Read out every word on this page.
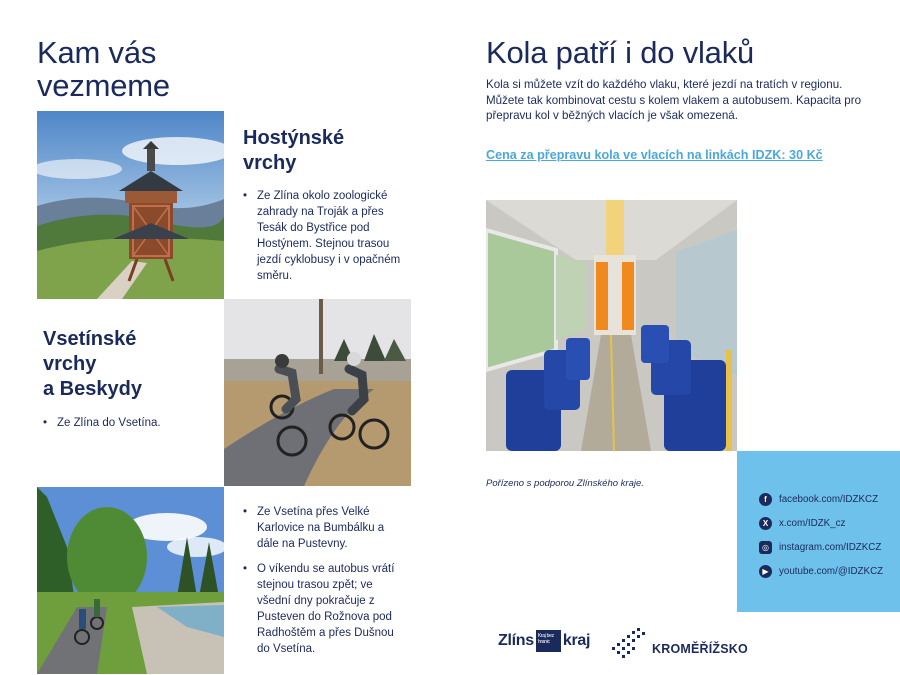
Kam vás vezmeme
Hostýnské
vrchy
• Ze Zlína okolo zoologické zahrady na Troják a přes Tesák do Bystřice pod Hostýnem. Stejnou trasou jezdí cyklobusy i v opačném směru.
Vsetínské
vrchy
a Beskydy
• Ze Zlína do Vsetína.
• Ze Vsetína přes Velké Karlovice na Bumbálku a dále na Pustevny.
• O víkendu se autobus vrátí stejnou trasou zpět; ve všední dny pokračuje z Pusteven do Rožnova pod Radhoštěm a přes Dušnou do Vsetína.
Kola patří i do vlaků

Kola si můžete vzít do každého vlaku, které jezdí na tratích v regionu. Můžete tak kombinovat cestu s kolem vlakem a autobusem. Kapacita pro přepravu kol v běžných vlacích je však omezená.

Cena za přepravu kola ve vlacích na linkách IDZK: 30 Kč

Pořízeno s podporou Zlínského kraje.

f	facebook.com/IDZKCZ
X	x.com/IDZK_cz
◎	instagram.com/IDZKCZ
▶	youtube.com/@IDZKCZ
Zlíns Kraj bez hranic kraj	KROMĚŘÍŽSKO
